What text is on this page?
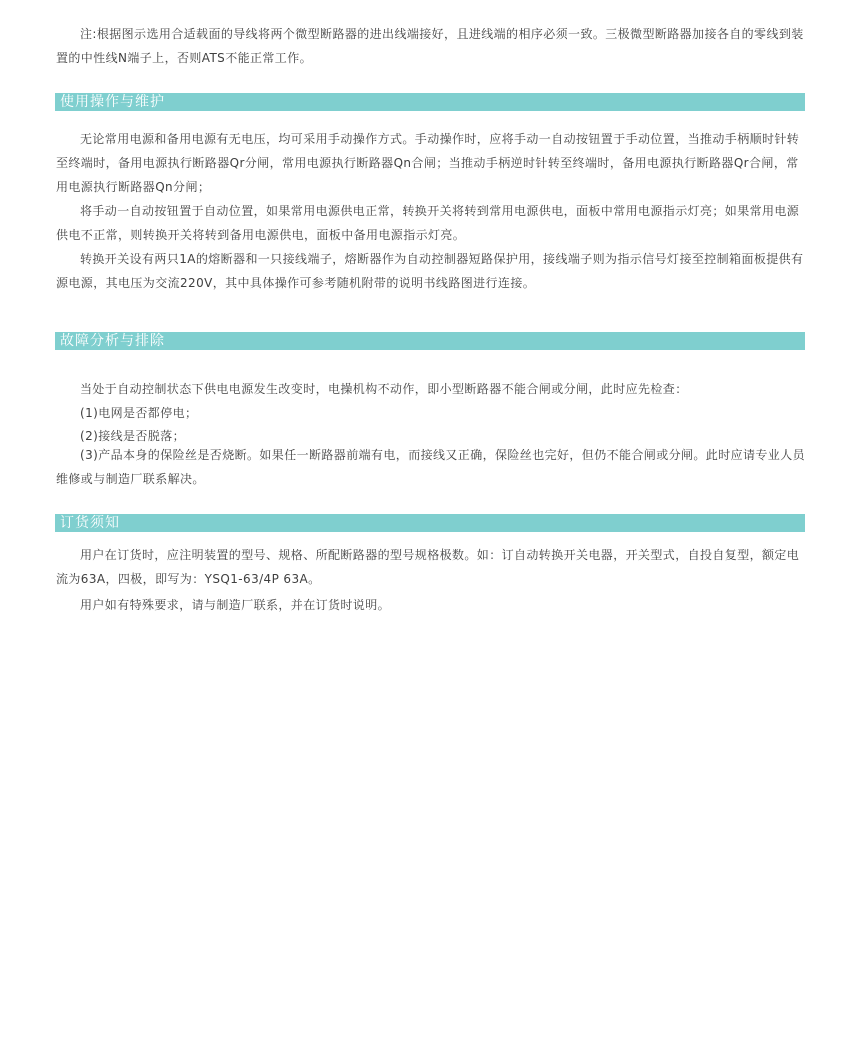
注:根据图示选用合适载面的导线将两个微型断路器的进出线端接好，且进线端的相序必须一致。三极微型断路器加接各自的零线到装置的中性线N端子上，否则ATS不能正常工作。
使用操作与维护
无论常用电源和备用电源有无电压，均可采用手动操作方式。手动操作时，应将手动一自动按钮置于手动位置，当推动手柄顺时针转至终端时，备用电源执行断路器Qr分闸，常用电源执行断路器Qn合闸；当推动手柄逆时针转至终端时，备用电源执行断路器Qr合闸，常用电源执行断路器Qn分闸；
将手动一自动按钮置于自动位置，如果常用电源供电正常，转换开关将转到常用电源供电，面板中常用电源指示灯亮；如果常用电源供电不正常，则转换开关将转到备用电源供电，面板中备用电源指示灯亮。
转换开关设有两只1A的熔断器和一只接线端子，熔断器作为自动控制器短路保护用，接线端子则为指示信号灯接至控制箱面板提供有源电源，其电压为交流220V，其中具体操作可参考随机附带的说明书线路图进行连接。
故障分析与排除
当处于自动控制状态下供电电源发生改变时，电操机构不动作，即小型断路器不能合闸或分闸，此时应先检查：
(1)电网是否都停电；
(2)接线是否脱落；
(3)产品本身的保险丝是否烧断。如果任一断路器前端有电，而接线又正确，保险丝也完好，但仍不能合闸或分闸。此时应请专业人员维修或与制造厂联系解决。
订货须知
用户在订货时，应注明装置的型号、规格、所配断路器的型号规格极数。如：订自动转换开关电器，开关型式，自投自复型，额定电流为63A，四极，即写为：YSQ1-63/4P 63A。
用户如有特殊要求，请与制造厂联系，并在订货时说明。
